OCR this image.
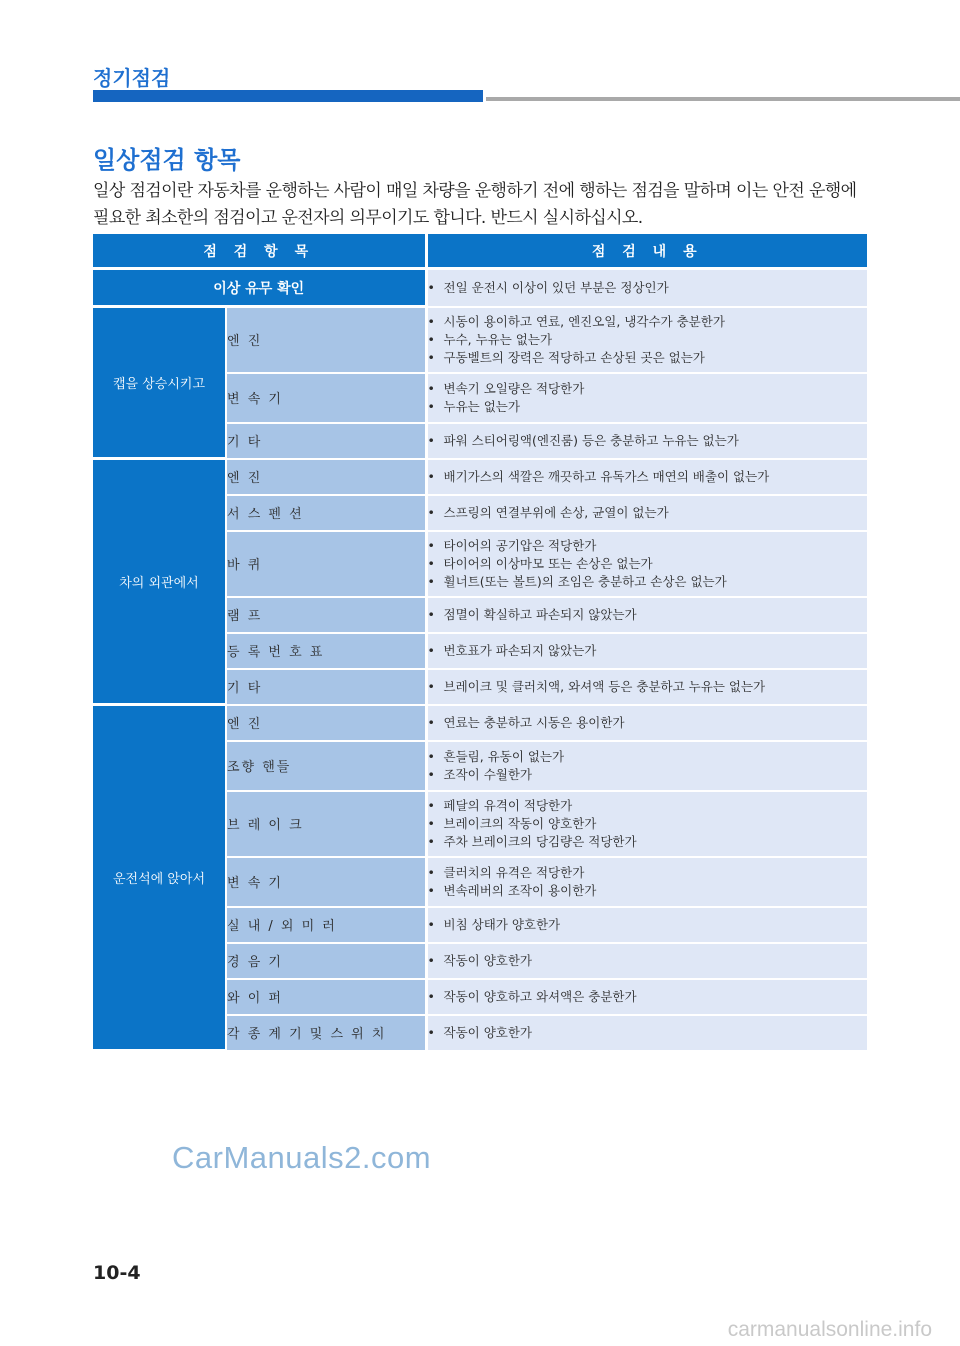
정기점검
일상점검 항목
일상 점검이란 자동차를 운행하는 사람이 매일 차량을 운행하기 전에 행하는 점검을 말하며 이는 안전 운행에 필요한 최소한의 점검이고 운전자의 의무이기도 합니다. 반드시 실시하십시오.
점 검 항 목		점 검 내 용
이상 유무 확인		• 전일 운전시 이상이 있던 부분은 정상인가

캡을 상승시키고	엔 진	• 시동이 용이하고 연료, 엔진오일, 냉각수가 충분한가
• 누수, 누유는 없는가
• 구동벨트의 장력은 적당하고 손상된 곳은 없는가

	변 속 기	• 변속기 오일량은 적당한가
• 누유는 없는가

	기 타	• 파워 스티어링액(엔진룸) 등은 충분하고 누유는 없는가

차의 외관에서	엔 진	• 배기가스의 색깔은 깨끗하고 유독가스 매연의 배출이 없는가

	서 스 펜 션	• 스프링의 연결부위에 손상, 균열이 없는가

	바 퀴	• 타이어의 공기압은 적당한가
• 타이어의 이상마모 또는 손상은 없는가
• 휠너트(또는 볼트)의 조임은 충분하고 손상은 없는가

	램 프	• 점멸이 확실하고 파손되지 않았는가

	등 록 번 호 표	• 번호표가 파손되지 않았는가

	기 타	• 브레이크 및 클러치액, 와셔액 등은 충분하고 누유는 없는가

운전석에 앉아서	엔 진	• 연료는 충분하고 시동은 용이한가

	조향 핸들	• 흔들림, 유동이 없는가
• 조작이 수월한가

	브 레 이 크	• 페달의 유격이 적당한가
• 브레이크의 작동이 양호한가
• 주차 브레이크의 당김량은 적당한가

	변 속 기	• 클러치의 유격은 적당한가
• 변속레버의 조작이 용이한가

	실 내 / 외 미 러	• 비침 상태가 양호한가

	경 음 기	• 작동이 양호한가

	와 이 퍼	• 작동이 양호하고 와셔액은 충분한가

	각 종 계 기 및 스 위 치	• 작동이 양호한가
CarManuals2.com
10-4
carmanualsonline.info
